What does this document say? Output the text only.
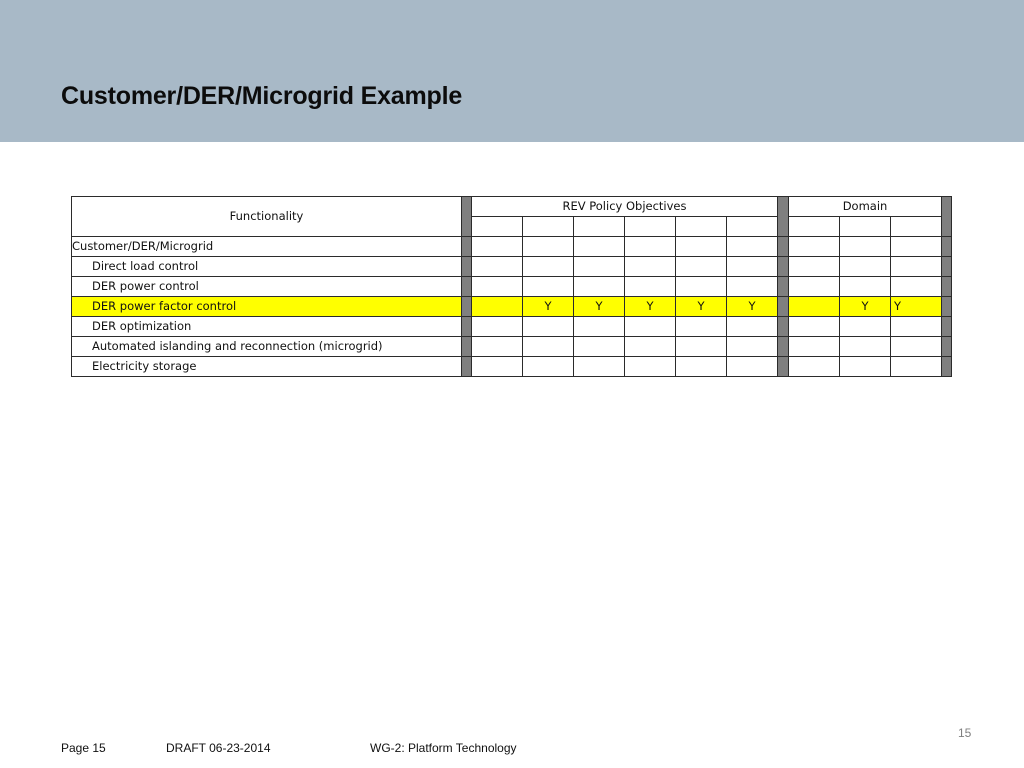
Customer/DER/Microgrid Example
Functionality		REV Policy Objectives							Domain			

Customer/DER/Microgrid												
Direct load control												
DER power control												
DER power factor control			Y	Y	Y	Y	Y			Y	Y	
DER optimization												
Automated islanding and reconnection (microgrid)												
Electricity storage												
15
Page 15	DRAFT 06-23-2014	WG-2: Platform Technology
